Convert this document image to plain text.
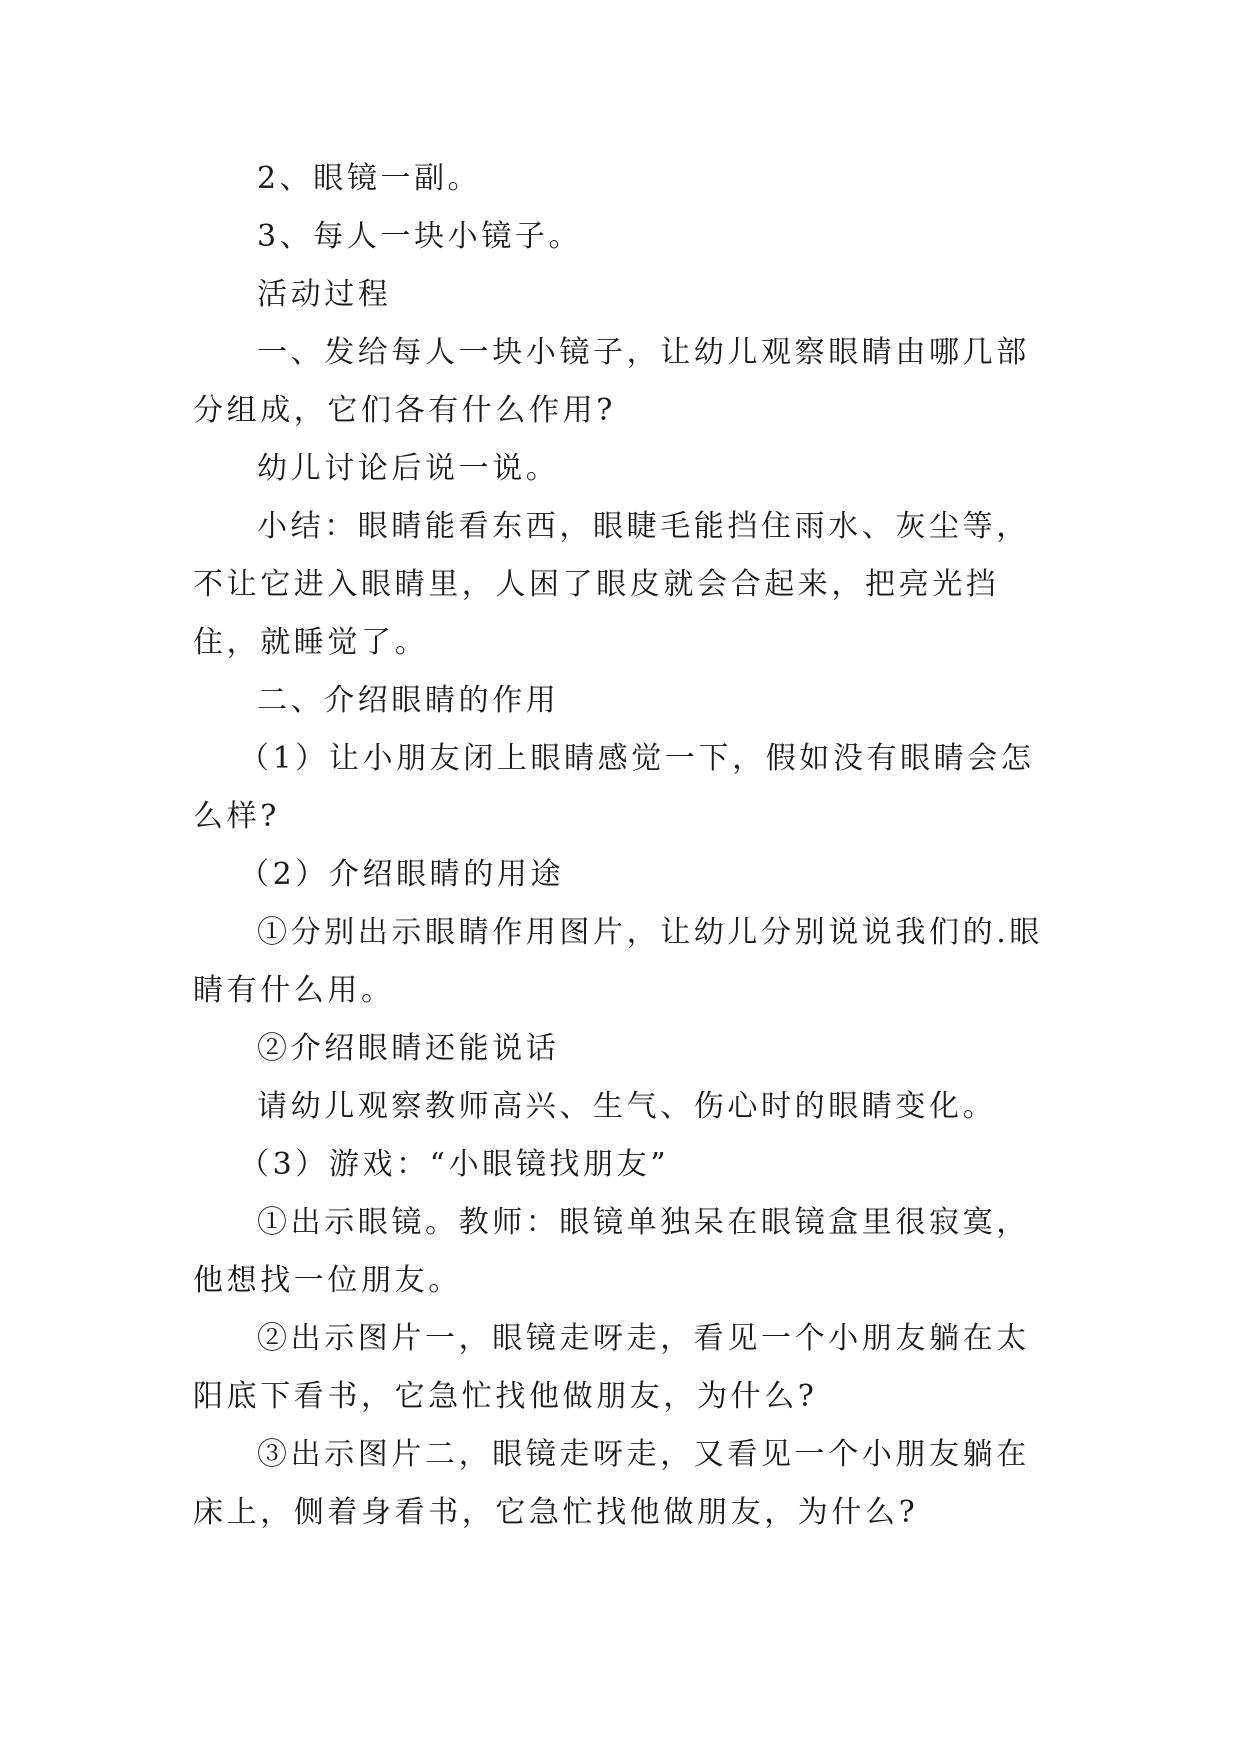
2、眼镜一副。

3、每人一块小镜子。

活动过程

一、发给每人一块小镜子，让幼儿观察眼睛由哪几部分组成，它们各有什么作用?

幼儿讨论后说一说。

小结：眼睛能看东西，眼睫毛能挡住雨水、灰尘等，不让它进入眼睛里，人困了眼皮就会合起来，把亮光挡住，就睡觉了。

二、介绍眼睛的作用

（1）让小朋友闭上眼睛感觉一下，假如没有眼睛会怎么样?

（2）介绍眼睛的用途

①分别出示眼睛作用图片，让幼儿分别说说我们的.眼睛有什么用。

②介绍眼睛还能说话

请幼儿观察教师高兴、生气、伤心时的眼睛变化。

（3）游戏：“小眼镜找朋友”

①出示眼镜。教师：眼镜单独呆在眼镜盒里很寂寞，他想找一位朋友。

②出示图片一，眼镜走呀走，看见一个小朋友躺在太阳底下看书，它急忙找他做朋友，为什么?

③出示图片二，眼镜走呀走，又看见一个小朋友躺在床上，侧着身看书，它急忙找他做朋友，为什么?
